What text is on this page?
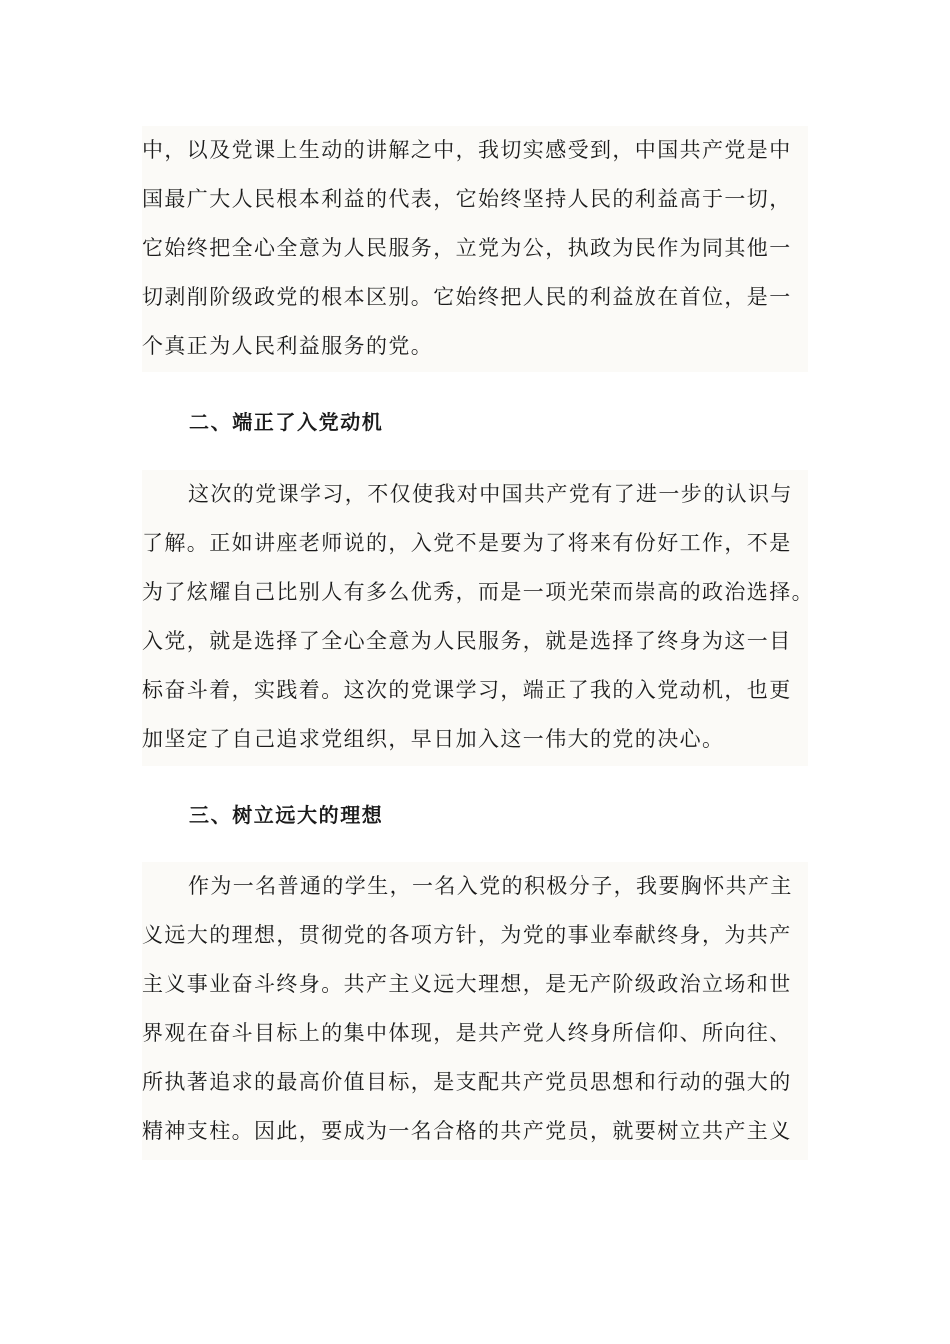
中，以及党课上生动的讲解之中，我切实感受到，中国共产党是中
国最广大人民根本利益的代表，它始终坚持人民的利益高于一切，
它始终把全心全意为人民服务，立党为公，执政为民作为同其他一
切剥削阶级政党的根本区别。它始终把人民的利益放在首位，是一
个真正为人民利益服务的党。
二、端正了入党动机
这次的党课学习，不仅使我对中国共产党有了进一步的认识与
了解。正如讲座老师说的，入党不是要为了将来有份好工作，不是
为了炫耀自己比别人有多么优秀，而是一项光荣而崇高的政治选择。
入党，就是选择了全心全意为人民服务，就是选择了终身为这一目
标奋斗着，实践着。这次的党课学习，端正了我的入党动机，也更
加坚定了自己追求党组织，早日加入这一伟大的党的决心。
三、树立远大的理想
作为一名普通的学生，一名入党的积极分子，我要胸怀共产主
义远大的理想，贯彻党的各项方针，为党的事业奉献终身，为共产
主义事业奋斗终身。共产主义远大理想，是无产阶级政治立场和世
界观在奋斗目标上的集中体现，是共产党人终身所信仰、所向往、
所执著追求的最高价值目标，是支配共产党员思想和行动的强大的
精神支柱。因此，要成为一名合格的共产党员，就要树立共产主义
